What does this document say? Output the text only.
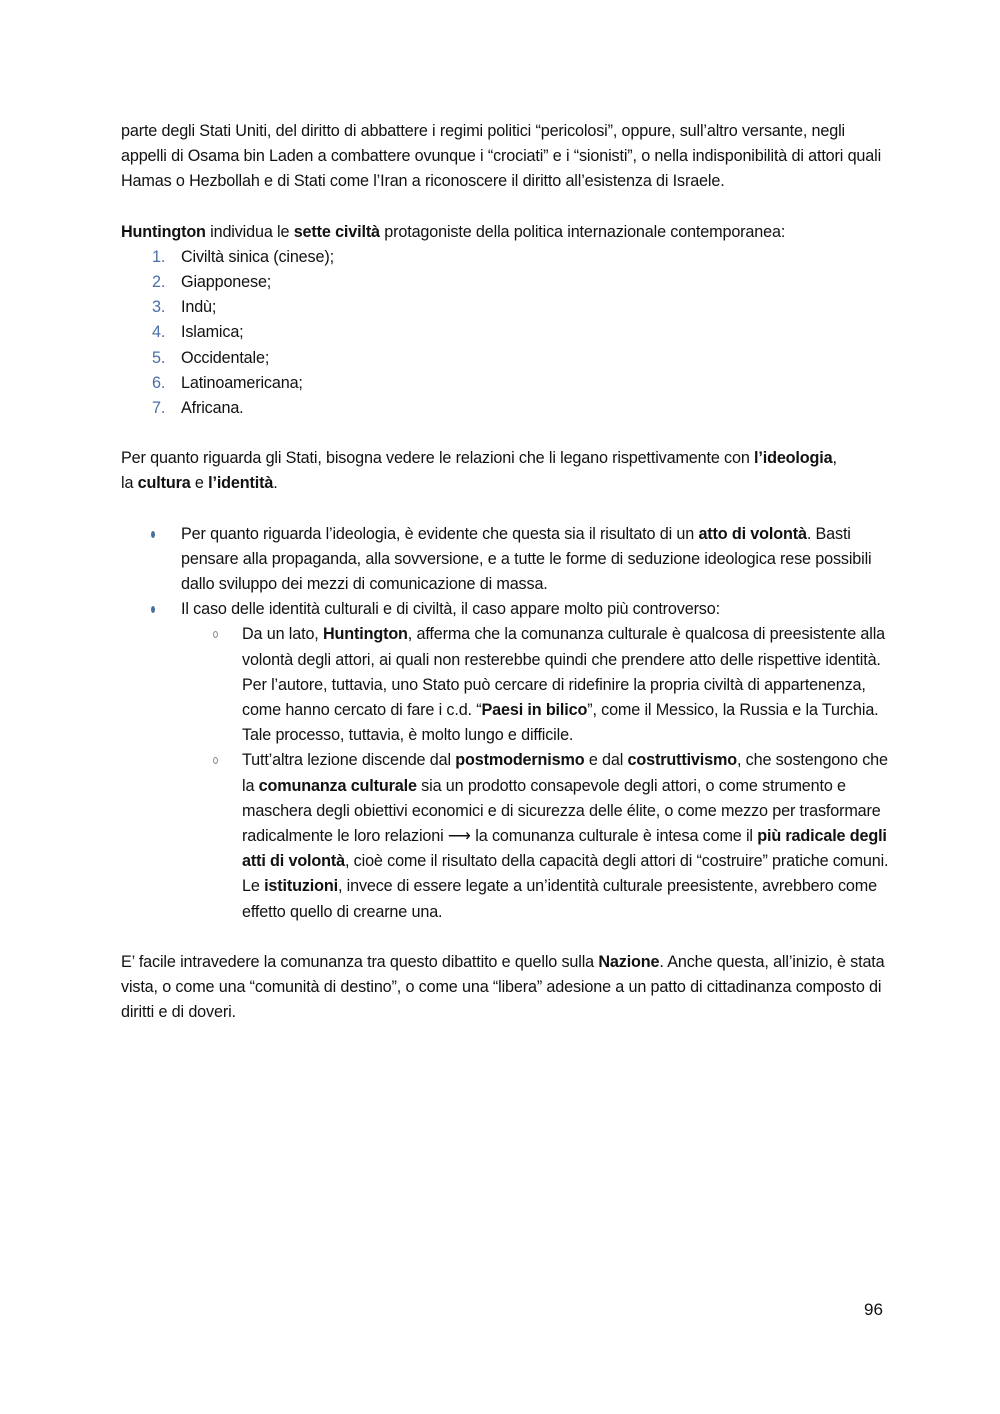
parte degli Stati Uniti, del diritto di abbattere i regimi politici “pericolosi”, oppure, sull’altro versante, negli appelli di Osama bin Laden a combattere ovunque i “crociati” e i “sionisti”, o nella indisponibilità di attori quali Hamas o Hezbollah e di Stati come l’Iran a riconoscere il diritto all’esistenza di Israele.

Huntington individua le sette civiltà protagoniste della politica internazionale contemporanea:

1. Civiltà sinica (cinese);
2. Giapponese;
3. Indù;
4. Islamica;
5. Occidentale;
6. Latinoamericana;
7. Africana.

Per quanto riguarda gli Stati, bisogna vedere le relazioni che li legano rispettivamente con l’ideologia,
la cultura e l’identità.

Per quanto riguarda l’ideologia, è evidente che questa sia il risultato di un atto di volontà. Basti pensare alla propaganda, alla sovversione, e a tutte le forme di seduzione ideologica rese possibili dallo sviluppo dei mezzi di comunicazione di massa.
Il caso delle identità culturali e di civiltà, il caso appare molto più controverso:
Da un lato, Huntington, afferma che la comunanza culturale è qualcosa di preesistente alla volontà degli attori, ai quali non resterebbe quindi che prendere atto delle rispettive identità. Per l’autore, tuttavia, uno Stato può cercare di ridefinire la propria civiltà di appartenenza, come hanno cercato di fare i c.d. “Paesi in bilico”, come il Messico, la Russia e la Turchia. Tale processo, tuttavia, è molto lungo e difficile.
Tutt’altra lezione discende dal postmodernismo e dal costruttivismo, che sostengono che la comunanza culturale sia un prodotto consapevole degli attori, o come strumento e maschera degli obiettivi economici e di sicurezza delle élite, o come mezzo per trasformare radicalmente le loro relazioni ⟶ la comunanza culturale è intesa come il più radicale degli atti di volontà, cioè come il risultato della capacità degli attori di “costruire” pratiche comuni.
Le istituzioni, invece di essere legate a un’identità culturale preesistente, avrebbero come effetto quello di crearne una.

E’ facile intravedere la comunanza tra questo dibattito e quello sulla Nazione. Anche questa, all’inizio, è stata vista, o come una “comunità di destino”, o come una “libera” adesione a un patto di cittadinanza composto di diritti e di doveri.

96
